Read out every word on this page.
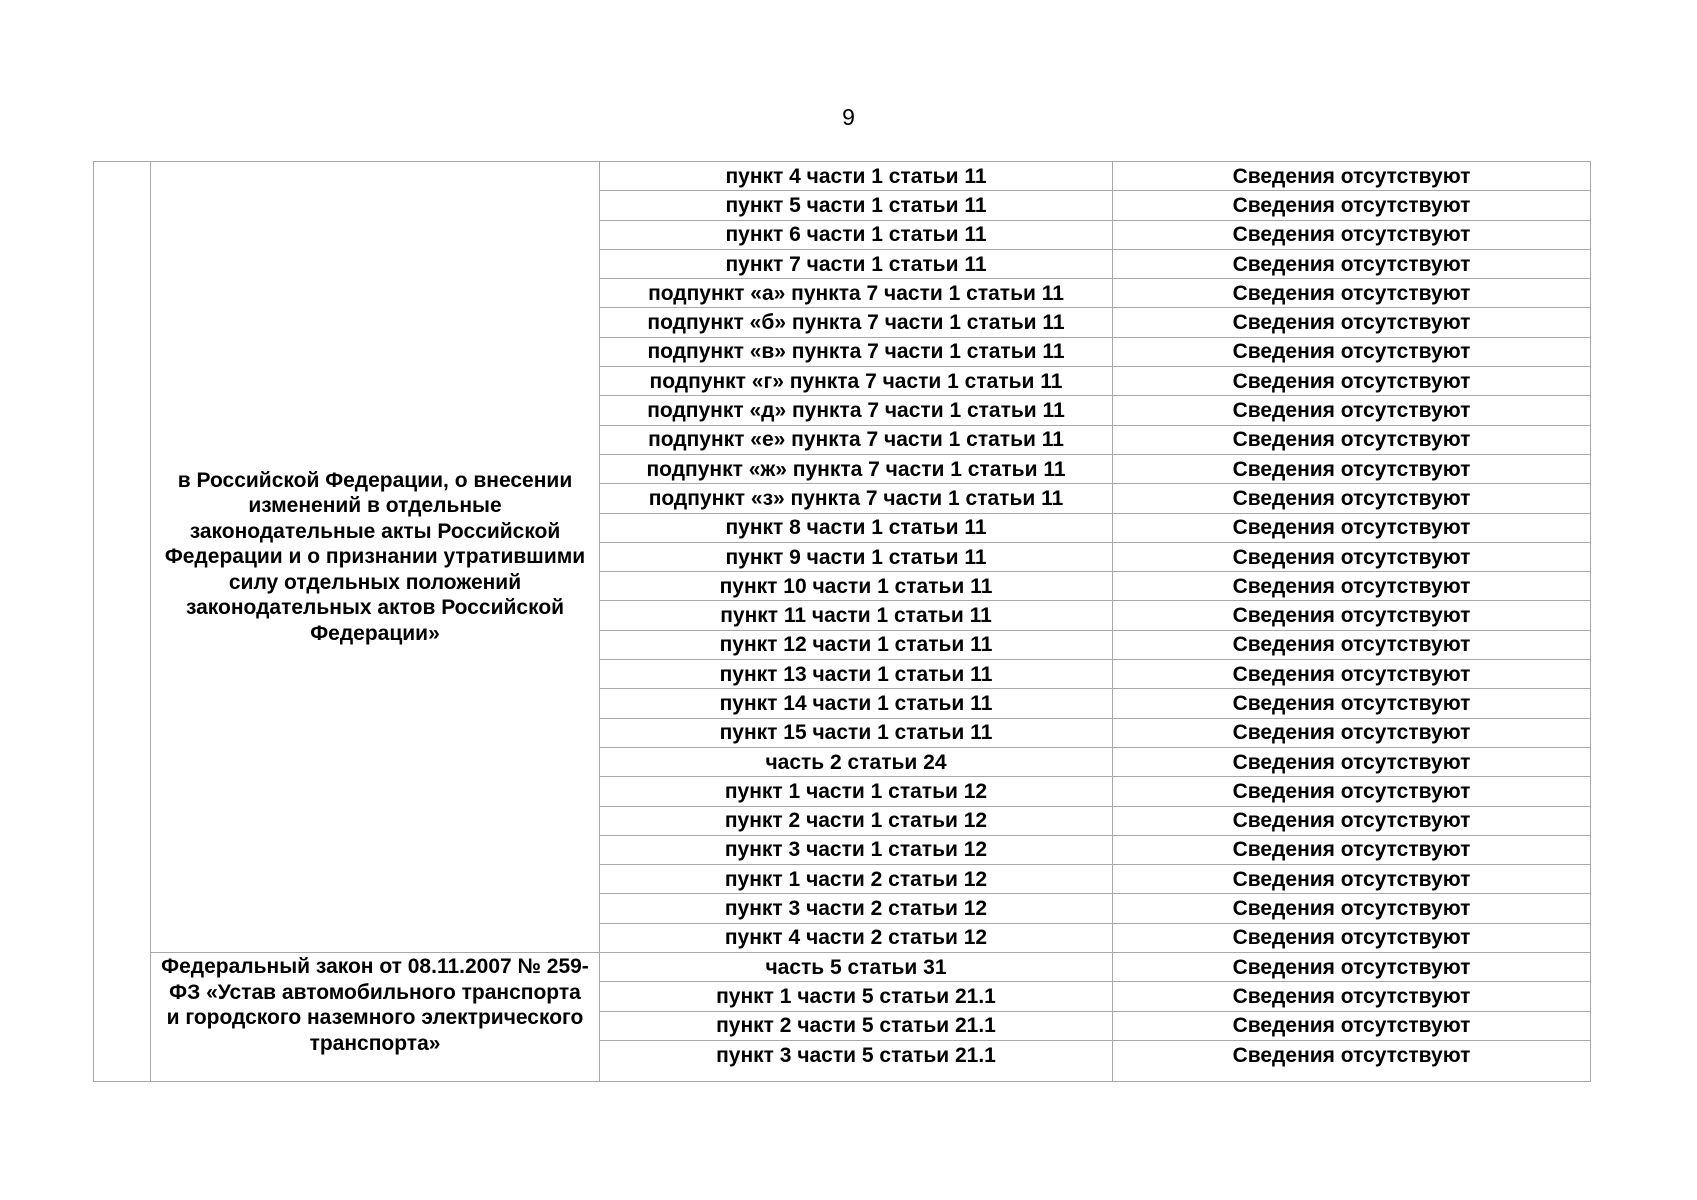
9
	в Российской Федерации, о внесении изменений в отдельные законодательные акты Российской Федерации и о признании утратившими силу отдельных положений законодательных актов Российской Федерации»	пункт 4 части 1 статьи 11	Сведения отсутствуют
		пункт 5 части 1 статьи 11	Сведения отсутствуют
		пункт 6 части 1 статьи 11	Сведения отсутствуют
		пункт 7 части 1 статьи 11	Сведения отсутствуют
		подпункт «а» пункта 7 части 1 статьи 11	Сведения отсутствуют
		подпункт «б» пункта 7 части 1 статьи 11	Сведения отсутствуют
		подпункт «в» пункта 7 части 1 статьи 11	Сведения отсутствуют
		подпункт «г» пункта 7 части 1 статьи 11	Сведения отсутствуют
		подпункт «д» пункта 7 части 1 статьи 11	Сведения отсутствуют
		подпункт «е» пункта 7 части 1 статьи 11	Сведения отсутствуют
		подпункт «ж» пункта 7 части 1 статьи 11	Сведения отсутствуют
		подпункт «з» пункта 7 части 1 статьи 11	Сведения отсутствуют
		пункт 8 части 1 статьи 11	Сведения отсутствуют
		пункт 9 части 1 статьи 11	Сведения отсутствуют
		пункт 10 части 1 статьи 11	Сведения отсутствуют
		пункт 11 части 1 статьи 11	Сведения отсутствуют
		пункт 12 части 1 статьи 11	Сведения отсутствуют
		пункт 13 части 1 статьи 11	Сведения отсутствуют
		пункт 14 части 1 статьи 11	Сведения отсутствуют
		пункт 15 части 1 статьи 11	Сведения отсутствуют
		часть 2 статьи 24	Сведения отсутствуют
		пункт 1 части 1 статьи 12	Сведения отсутствуют
		пункт 2 части 1 статьи 12	Сведения отсутствуют
		пункт 3 части 1 статьи 12	Сведения отсутствуют
		пункт 1 части 2 статьи 12	Сведения отсутствуют
		пункт 3 части 2 статьи 12	Сведения отсутствуют
		пункт 4 части 2 статьи 12	Сведения отсутствуют
	Федеральный закон от 08.11.2007 № 259-ФЗ «Устав автомобильного транспорта и городского наземного электрического транспорта»	часть 5 статьи 31	Сведения отсутствуют
		пункт 1 части 5 статьи 21.1	Сведения отсутствуют
		пункт 2 части 5 статьи 21.1	Сведения отсутствуют
		пункт 3 части 5 статьи 21.1	Сведения отсутствуют
